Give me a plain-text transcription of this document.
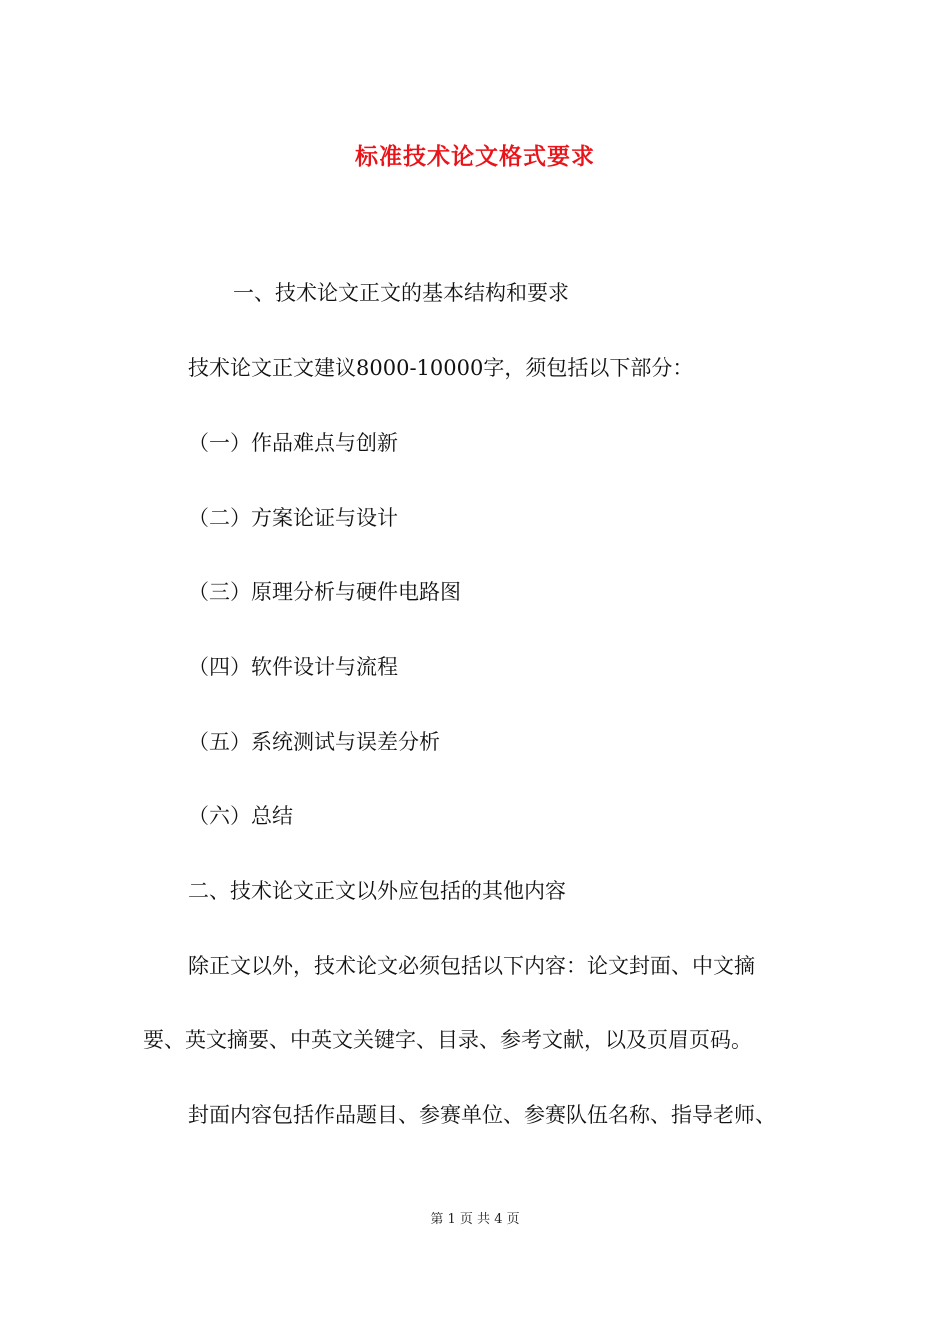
标准技术论文格式要求
一、技术论文正文的基本结构和要求
技术论文正文建议8000-10000字，须包括以下部分：
（一）作品难点与创新
（二）方案论证与设计
（三）原理分析与硬件电路图
（四）软件设计与流程
（五）系统测试与误差分析
（六）总结
二、技术论文正文以外应包括的其他内容
除正文以外，技术论文必须包括以下内容：论文封面、中文摘
要、英文摘要、中英文关键字、目录、参考文献，以及页眉页码。
封面内容包括作品题目、参赛单位、参赛队伍名称、指导老师、
第 1 页 共 4 页
